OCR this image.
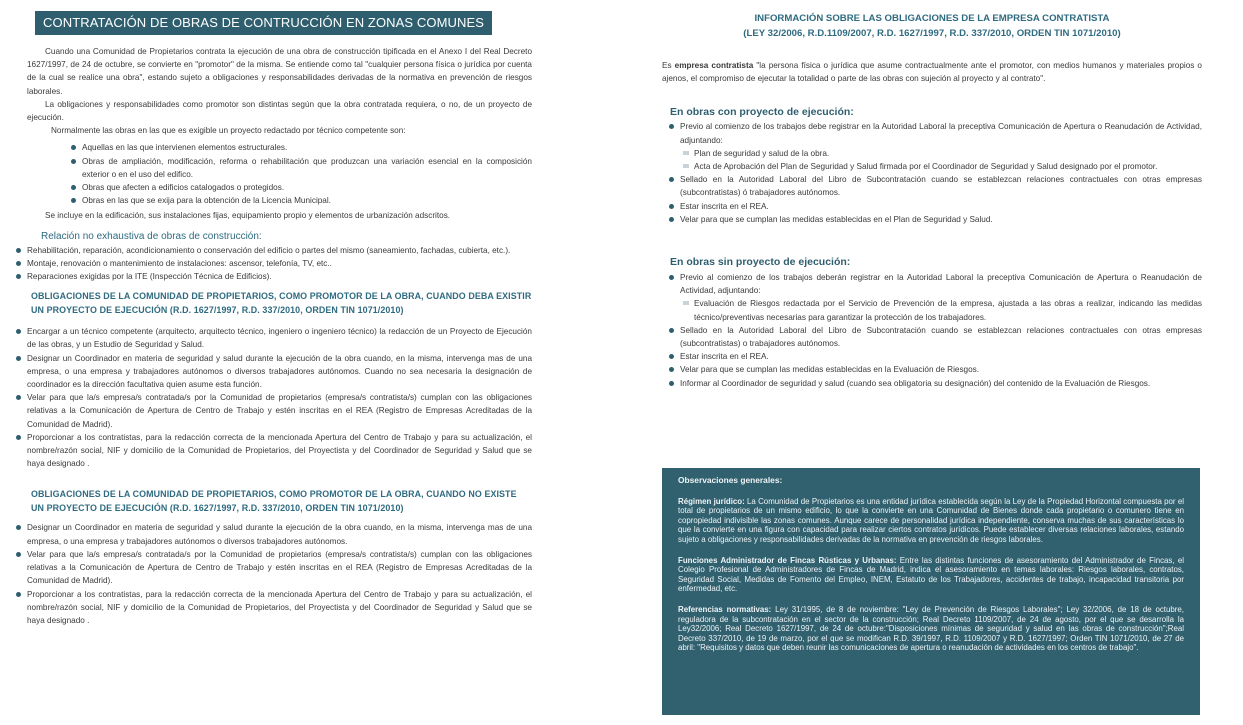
CONTRATACIÓN DE OBRAS DE CONTRUCCIÓN EN ZONAS COMUNES

Cuando una Comunidad de Propietarios contrata la ejecución de una obra de construcción tipificada en el Anexo I del Real Decreto 1627/1997, de 24 de octubre, se convierte en "promotor" de la misma. Se entiende como tal "cualquier persona física o jurídica por cuenta de la cual se realice una obra", estando sujeto a obligaciones y responsabilidades derivadas de la normativa en prevención de riesgos laborales.

La obligaciones y responsabilidades como promotor son distintas según que la obra contratada requiera, o no, de un proyecto de ejecución.

Normalmente las obras en las que es exigible un proyecto redactado por técnico competente son:

Aquellas en las que intervienen elementos estructurales.
Obras de ampliación, modificación, reforma o rehabilitación que produzcan una variación esencial en la composición exterior o en el uso del edifico.
Obras que afecten a edificios catalogados o protegidos.
Obras en las que se exija para la obtención de la Licencia Municipal.

Se incluye en la edificación, sus instalaciones fijas, equipamiento propio y elementos de urbanización adscritos.

Relación no exhaustiva de obras de construcción:
Rehabilitación, reparación, acondicionamiento o conservación del edificio o partes del mismo (saneamiento, fachadas, cubierta, etc.).
Montaje, renovación o mantenimiento de instalaciones: ascensor, telefonía, TV, etc..
Reparaciones exigidas por la ITE (Inspección Técnica de Edificios).
OBLIGACIONES DE LA COMUNIDAD DE PROPIETARIOS, COMO PROMOTOR DE LA OBRA, CUANDO DEBA EXISTIR UN PROYECTO DE EJECUCIÓN (R.D. 1627/1997, R.D. 337/2010, ORDEN TIN 1071/2010)
Encargar a un técnico competente (arquitecto, arquitecto técnico, ingeniero o ingeniero técnico) la redacción de un Proyecto de Ejecución de las obras, y un Estudio de Seguridad y Salud.
Designar un Coordinador en materia de seguridad y salud durante la ejecución de la obra cuando, en la misma, intervenga mas de una empresa, o una empresa y trabajadores autónomos o diversos trabajadores autónomos. Cuando no sea necesaria la designación de coordinador es la dirección facultativa quien asume esta función.
Velar para que la/s empresa/s contratada/s por la Comunidad de propietarios (empresa/s contratista/s) cumplan con las obligaciones relativas a la Comunicación de Apertura de Centro de Trabajo y estén inscritas en el REA (Registro de Empresas Acreditadas de la Comunidad de Madrid).
Proporcionar a los contratistas, para la redacción correcta de la mencionada Apertura del Centro de Trabajo y para su actualización, el nombre/razón social, NIF y domicilio de la Comunidad de Propietarios, del Proyectista y del Coordinador de Seguridad y Salud que se haya designado .
OBLIGACIONES DE LA COMUNIDAD DE PROPIETARIOS, COMO PROMOTOR DE LA OBRA, CUANDO NO EXISTE UN PROYECTO DE EJECUCIÓN (R.D. 1627/1997, R.D. 337/2010, ORDEN TIN 1071/2010)
Designar un Coordinador en materia de seguridad y salud durante la ejecución de la obra cuando, en la misma, intervenga mas de una empresa, o una empresa y trabajadores autónomos o diversos trabajadores autónomos.
Velar para que la/s empresa/s contratada/s por la Comunidad de propietarios (empresa/s contratista/s) cumplan con las obligaciones relativas a la Comunicación de Apertura de Centro de Trabajo y estén inscritas en el REA (Registro de Empresas Acreditadas de la Comunidad de Madrid).
Proporcionar a los contratistas, para la redacción correcta de la mencionada Apertura del Centro de Trabajo y para su actualización, el nombre/razón social, NIF y domicilio de la Comunidad de Propietarios, del Proyectista y del Coordinador de Seguridad y Salud que se haya designado .
INFORMACIÓN SOBRE LAS OBLIGACIONES DE LA EMPRESA CONTRATISTA
(LEY 32/2006, R.D.1109/2007, R.D. 1627/1997, R.D. 337/2010, ORDEN TIN 1071/2010)

Es empresa contratista "la persona física o jurídica que asume contractualmente ante el promotor, con medios humanos y materiales propios o ajenos, el compromiso de ejecutar la totalidad o parte de las obras con sujeción al proyecto y al contrato".

En obras con proyecto de ejecución:
Previo al comienzo de los trabajos debe registrar en la Autoridad Laboral la preceptiva Comunicación de Apertura o Reanudación de Actividad, adjuntando:
Plan de seguridad y salud de la obra.
Acta de Aprobación del Plan de Seguridad y Salud firmada por el Coordinador de Seguridad y Salud designado por el promotor.
Sellado en la Autoridad Laboral del Libro de Subcontratación cuando se establezcan relaciones contractuales con otras empresas (subcontratistas) ó trabajadores autónomos.
Estar inscrita en el REA.
Velar para que se cumplan las medidas establecidas en el Plan de Seguridad y Salud.
En obras sin proyecto de ejecución:
Previo al comienzo de los trabajos deberán registrar en la Autoridad Laboral la preceptiva Comunicación de Apertura o Reanudación de Actividad, adjuntando:
Evaluación de Riesgos redactada por el Servicio de Prevención de la empresa, ajustada a las obras a realizar, indicando las medidas técnico/preventivas necesarias para garantizar la protección de los trabajadores.
Sellado en la Autoridad Laboral del Libro de Subcontratación cuando se establezcan relaciones contractuales con otras empresas (subcontratistas) o trabajadores autónomos.
Estar inscrita en el REA.
Velar para que se cumplan las medidas establecidas en la Evaluación de Riesgos.
Informar al Coordinador de seguridad y salud (cuando sea obligatoria su designación) del contenido de la Evaluación de Riesgos.

Observaciones generales:

Régimen jurídico: La Comunidad de Propietarios es una entidad jurídica establecida según la Ley de la Propiedad Horizontal compuesta por el total de propietarios de un mismo edificio, lo que la convierte en una Comunidad de Bienes donde cada propietario o comunero tiene en copropiedad indivisible las zonas comunes. Aunque carece de personalidad jurídica independiente, conserva muchas de sus características lo que la convierte en una figura con capacidad para realizar ciertos contratos jurídicos. Puede establecer diversas relaciones laborales, estando sujeto a obligaciones y responsabilidades derivadas de la normativa en prevención de riesgos laborales.

Funciones Administrador de Fincas Rústicas y Urbanas: Entre las distintas funciones de asesoramiento del Administrador de Fincas, el Colegio Profesional de Administradores de Fincas de Madrid, indica el asesoramiento en temas laborales: Riesgos laborales, contratos, Seguridad Social, Medidas de Fomento del Empleo, INEM, Estatuto de los Trabajadores, accidentes de trabajo, incapacidad transitoria por enfermedad, etc.

Referencias normativas: Ley 31/1995, de 8 de noviembre: "Ley de Prevención de Riesgos Laborales"; Ley 32/2006, de 18 de octubre, reguladora de la subcontratación en el sector de la construcción; Real Decreto 1109/2007, de 24 de agosto, por el que se desarrolla la Ley32/2006; Real Decreto 1627/1997, de 24 de octubre:"Disposiciones mínimas de seguridad y salud en las obras de construcción";Real Decreto 337/2010, de 19 de marzo, por el que se modifican R.D. 39/1997, R.D. 1109/2007 y R.D. 1627/1997; Orden TIN 1071/2010, de 27 de abril: "Requisitos y datos que deben reunir las comunicaciones de apertura o reanudación de actividades en los centros de trabajo".
